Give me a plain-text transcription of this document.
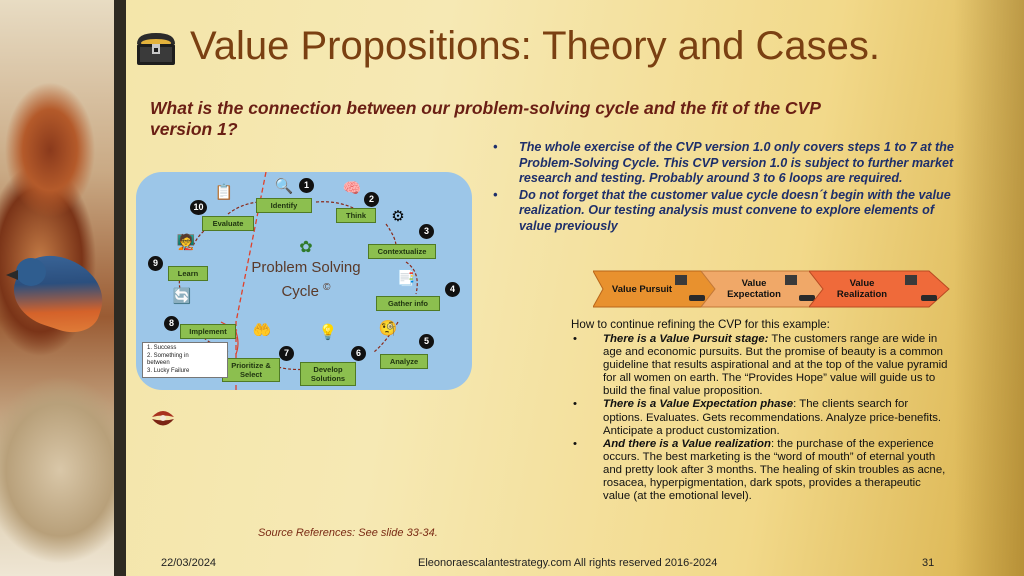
Value Propositions: Theory and Cases.
What is the connection between our problem-solving cycle and the fit of the CVP version 1?
• The whole exercise of the CVP version 1.0 only covers steps 1 to 7 at the Problem-Solving Cycle. This CVP version 1.0 is subject to further market research and testing. Probably around 3 to 6 loops are required.
• Do not forget that the customer value cycle doesn´t begin with the value realization. Our testing analysis must convene to explore elements of value previously
✿
Problem Solving
Cycle ©
🔍	1
Identify
🧠
2
Think	⚙
3
Contextualize
📑
4
Gather info
🧐
5
Analyze
💡
6
Develop Solutions
🤲
7
Prioritize & Select
🔄
8
Implement
1. Success
2. Something in
between
3. Lucky Failure
🧑‍🏫
9
Learn
📋
10
Evaluate
Value Pursuit
Value
Expectation
Value
Realization
How to continue refining the CVP for this example:
• There is a Value Pursuit stage: The customers range are wide in age and economic pursuits. But the promise of beauty is a common guideline that results aspirational and at the top of the value pyramid for all women on earth. The “Provides Hope” value will guide us to build the final value proposition.
• There is a Value Expectation phase: The clients search for options. Evaluates. Gets recommendations. Analyze price-benefits. Anticipate a product customization.
• And there is a Value realization: the purchase of the experience occurs. The best marketing is the “word of mouth” of eternal youth and pretty look after 3 months. The healing of skin troubles as acne, rosacea, hyperpigmentation, dark spots, provides a therapeutic value (at the emotional level).
Source References: See slide 33-34.
22/03/2024	Eleonoraescalantestrategy.com All rights reserved 2016-2024	31
